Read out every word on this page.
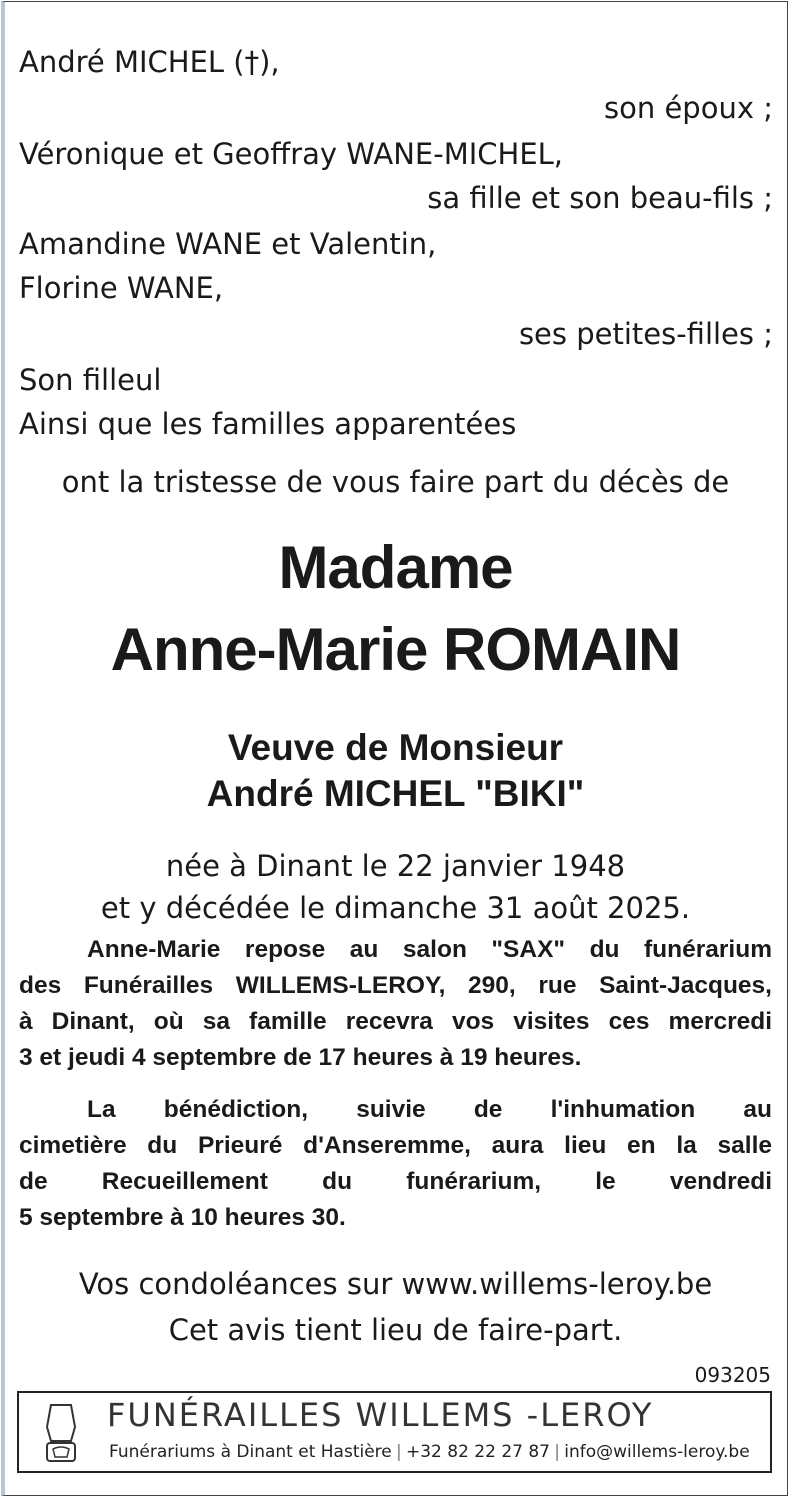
André MICHEL (†),
son époux ;
Véronique et Geoffray WANE-MICHEL,
sa fille et son beau-fils ;
Amandine WANE et Valentin,
Florine WANE,
ses petites-filles ;
Son filleul
Ainsi que les familles apparentées
ont la tristesse de vous faire part du décès de
Madame
Anne-Marie ROMAIN
Veuve de Monsieur
André MICHEL "BIKI"
née à Dinant le 22 janvier 1948
et y décédée le dimanche 31 août 2025.
Anne-Marie repose au salon "SAX" du funérarium
des Funérailles WILLEMS-LEROY, 290, rue Saint-Jacques,
à Dinant, où sa famille recevra vos visites ces mercredi
3 et jeudi 4 septembre de 17 heures à 19 heures.
La bénédiction, suivie de l'inhumation au
cimetière du Prieuré d'Anseremme, aura lieu en la salle
de Recueillement du funérarium, le vendredi
5 septembre à 10 heures 30.
Vos condoléances sur www.willems-leroy.be
Cet avis tient lieu de faire-part.
093205
FUNÉRAILLES WILLEMS -LEROY
Funérariums à Dinant et Hastière | +32 82 22 27 87 | info@willems-leroy.be
